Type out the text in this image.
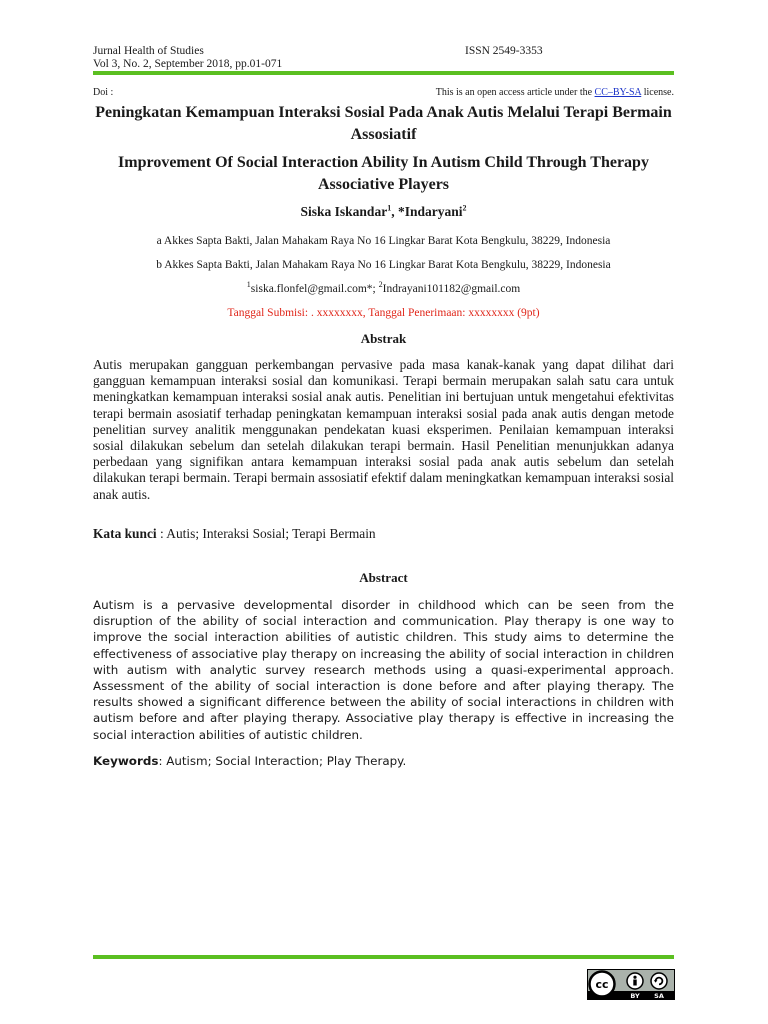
Jurnal Health of Studies	ISSN 2549-3353
Vol 3, No. 2, September 2018, pp.01-071
Doi :	This is an open access article under the CC–BY-SA license.
Peningkatan Kemampuan Interaksi Sosial Pada Anak Autis Melalui Terapi Bermain Assosiatif
Improvement Of Social Interaction Ability In Autism Child Through Therapy Associative Players
Siska Iskandar$^1$, *Indaryani$^2$
a Akkes Sapta Bakti, Jalan Mahakam Raya No 16 Lingkar Barat Kota Bengkulu, 38229, Indonesia
b Akkes Sapta Bakti, Jalan Mahakam Raya No 16 Lingkar Barat Kota Bengkulu, 38229, Indonesia
$^1$siska.flonfel@gmail.com*; $^2$Indrayani101182@gmail.com
Tanggal Submisi: . xxxxxxxx, Tanggal Penerimaan: xxxxxxxx (9pt)
Abstrak
Autis merupakan gangguan perkembangan pervasive pada masa kanak-kanak yang dapat dilihat dari gangguan kemampuan interaksi sosial dan komunikasi. Terapi bermain merupakan salah satu cara untuk meningkatkan kemampuan interaksi sosial anak autis. Penelitian ini bertujuan untuk mengetahui efektivitas terapi bermain asosiatif terhadap peningkatan kemampuan interaksi sosial pada anak autis dengan metode penelitian survey analitik menggunakan pendekatan kuasi eksperimen. Penilaian kemampuan interaksi sosial dilakukan sebelum dan setelah dilakukan terapi bermain. Hasil Penelitian menunjukkan adanya perbedaan yang signifikan antara kemampuan interaksi sosial pada anak autis sebelum dan setelah dilakukan terapi bermain. Terapi bermain assosiatif efektif dalam meningkatkan kemampuan interaksi sosial anak autis.
Kata kunci : Autis; Interaksi Sosial; Terapi Bermain
Abstract
Autism is a pervasive developmental disorder in childhood which can be seen from the disruption of the ability of social interaction and communication. Play therapy is one way to improve the social interaction abilities of autistic children. This study aims to determine the effectiveness of associative play therapy on increasing the ability of social interaction in children with autism with analytic survey research methods using a quasi-experimental approach. Assessment of the ability of social interaction is done before and after playing therapy. The results showed a significant difference between the ability of social interactions in children with autism before and after playing therapy. Associative play therapy is effective in increasing the social interaction abilities of autistic children.
Keywords: Autism; Social Interaction; Play Therapy.
cc
BY SA
